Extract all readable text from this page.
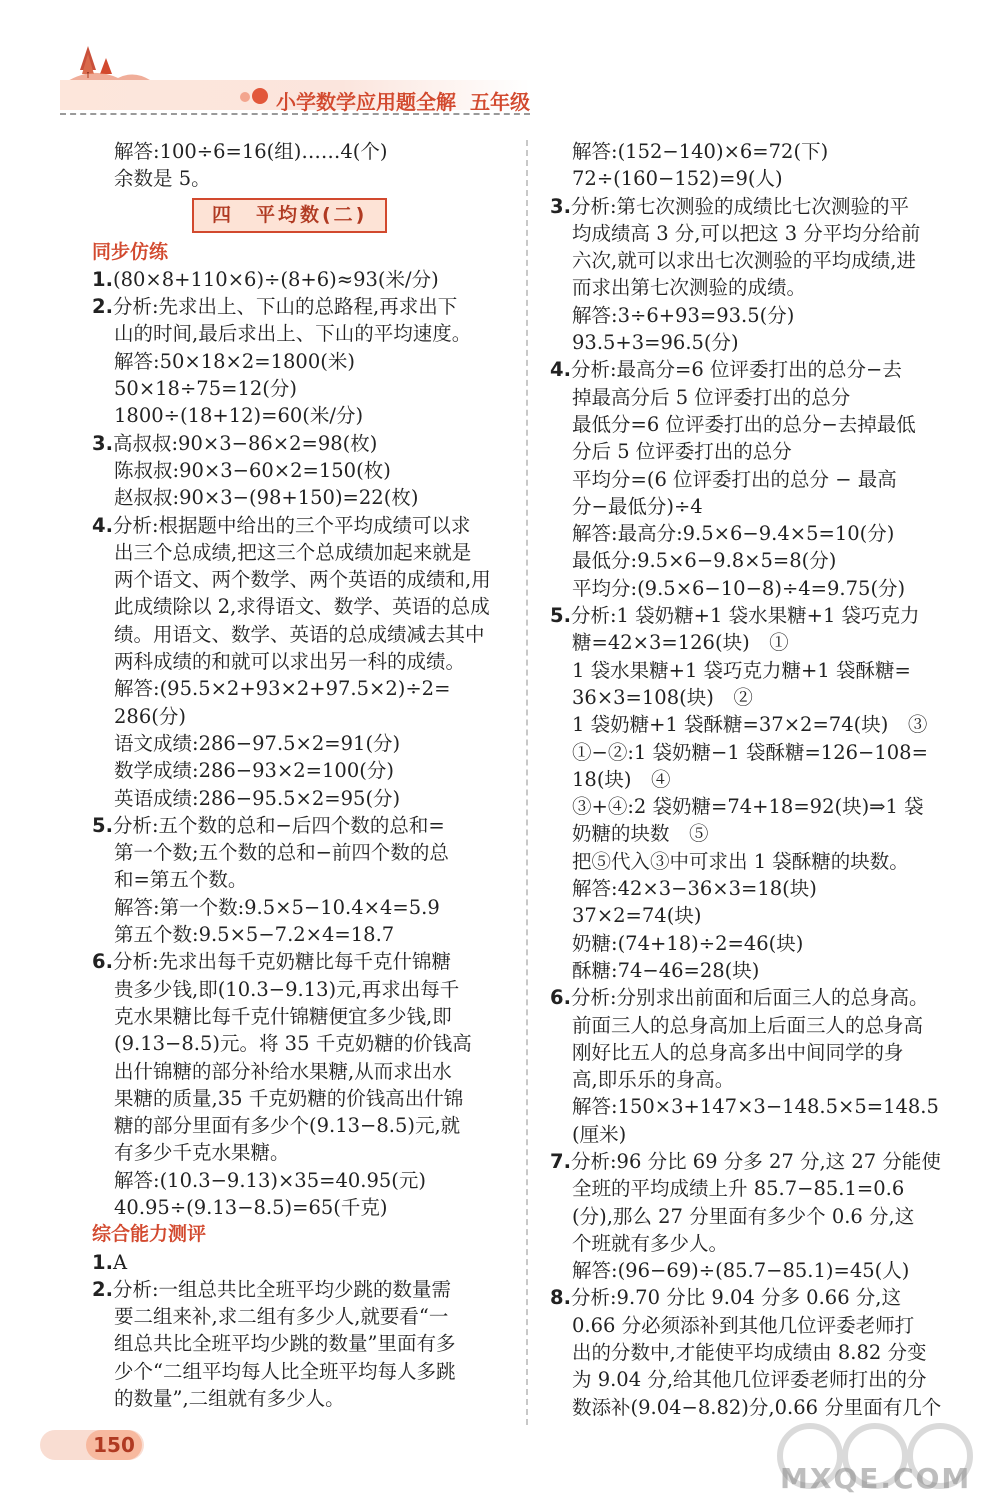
小学数学应用题全解 五年级
解答:100÷6=16(组)……4(个)
余数是 5。
四　平均数(二)
同步仿练
1.(80×8+110×6)÷(8+6)≈93(米/分)
2.分析:先求出上、下山的总路程,再求出下
山的时间,最后求出上、下山的平均速度。
解答:50×18×2=1800(米)
50×18÷75=12(分)
1800÷(18+12)=60(米/分)
3.高叔叔:90×3−86×2=98(枚)
陈叔叔:90×3−60×2=150(枚)
赵叔叔:90×3−(98+150)=22(枚)
4.分析:根据题中给出的三个平均成绩可以求
出三个总成绩,把这三个总成绩加起来就是
两个语文、两个数学、两个英语的成绩和,用
此成绩除以 2,求得语文、数学、英语的总成
绩。用语文、数学、英语的总成绩减去其中
两科成绩的和就可以求出另一科的成绩。
解答:(95.5×2+93×2+97.5×2)÷2=
286(分)
语文成绩:286−97.5×2=91(分)
数学成绩:286−93×2=100(分)
英语成绩:286−95.5×2=95(分)
5.分析:五个数的总和−后四个数的总和=
第一个数;五个数的总和−前四个数的总
和=第五个数。
解答:第一个数:9.5×5−10.4×4=5.9
第五个数:9.5×5−7.2×4=18.7
6.分析:先求出每千克奶糖比每千克什锦糖
贵多少钱,即(10.3−9.13)元,再求出每千
克水果糖比每千克什锦糖便宜多少钱,即
(9.13−8.5)元。将 35 千克奶糖的价钱高
出什锦糖的部分补给水果糖,从而求出水
果糖的质量,35 千克奶糖的价钱高出什锦
糖的部分里面有多少个(9.13−8.5)元,就
有多少千克水果糖。
解答:(10.3−9.13)×35=40.95(元)
40.95÷(9.13−8.5)=65(千克)
综合能力测评
1.A
2.分析:一组总共比全班平均少跳的数量需
要二组来补,求二组有多少人,就要看“一
组总共比全班平均少跳的数量”里面有多
少个“二组平均每人比全班平均每人多跳
的数量”,二组就有多少人。
解答:(152−140)×6=72(下)
72÷(160−152)=9(人)
3.分析:第七次测验的成绩比七次测验的平
均成绩高 3 分,可以把这 3 分平均分给前
六次,就可以求出七次测验的平均成绩,进
而求出第七次测验的成绩。
解答:3÷6+93=93.5(分)
93.5+3=96.5(分)
4.分析:最高分=6 位评委打出的总分−去
掉最高分后 5 位评委打出的总分
最低分=6 位评委打出的总分−去掉最低
分后 5 位评委打出的总分
平均分=(6 位评委打出的总分 − 最高
分−最低分)÷4
解答:最高分:9.5×6−9.4×5=10(分)
最低分:9.5×6−9.8×5=8(分)
平均分:(9.5×6−10−8)÷4=9.75(分)
5.分析:1 袋奶糖+1 袋水果糖+1 袋巧克力
糖=42×3=126(块)　①
1 袋水果糖+1 袋巧克力糖+1 袋酥糖=
36×3=108(块)　②
1 袋奶糖+1 袋酥糖=37×2=74(块)　③
①−②:1 袋奶糖−1 袋酥糖=126−108=
18(块)　④
③+④:2 袋奶糖=74+18=92(块)⇒1 袋
奶糖的块数　⑤
把⑤代入③中可求出 1 袋酥糖的块数。
解答:42×3−36×3=18(块)
37×2=74(块)
奶糖:(74+18)÷2=46(块)
酥糖:74−46=28(块)
6.分析:分别求出前面和后面三人的总身高。
前面三人的总身高加上后面三人的总身高
刚好比五人的总身高多出中间同学的身
高,即乐乐的身高。
解答:150×3+147×3−148.5×5=148.5
(厘米)
7.分析:96 分比 69 分多 27 分,这 27 分能使
全班的平均成绩上升 85.7−85.1=0.6
(分),那么 27 分里面有多少个 0.6 分,这
个班就有多少人。
解答:(96−69)÷(85.7−85.1)=45(人)
8.分析:9.70 分比 9.04 分多 0.66 分,这
0.66 分必须添补到其他几位评委老师打
出的分数中,才能使平均成绩由 8.82 分变
为 9.04 分,给其他几位评委老师打出的分
数添补(9.04−8.82)分,0.66 分里面有几个
150
MXQE.COM
